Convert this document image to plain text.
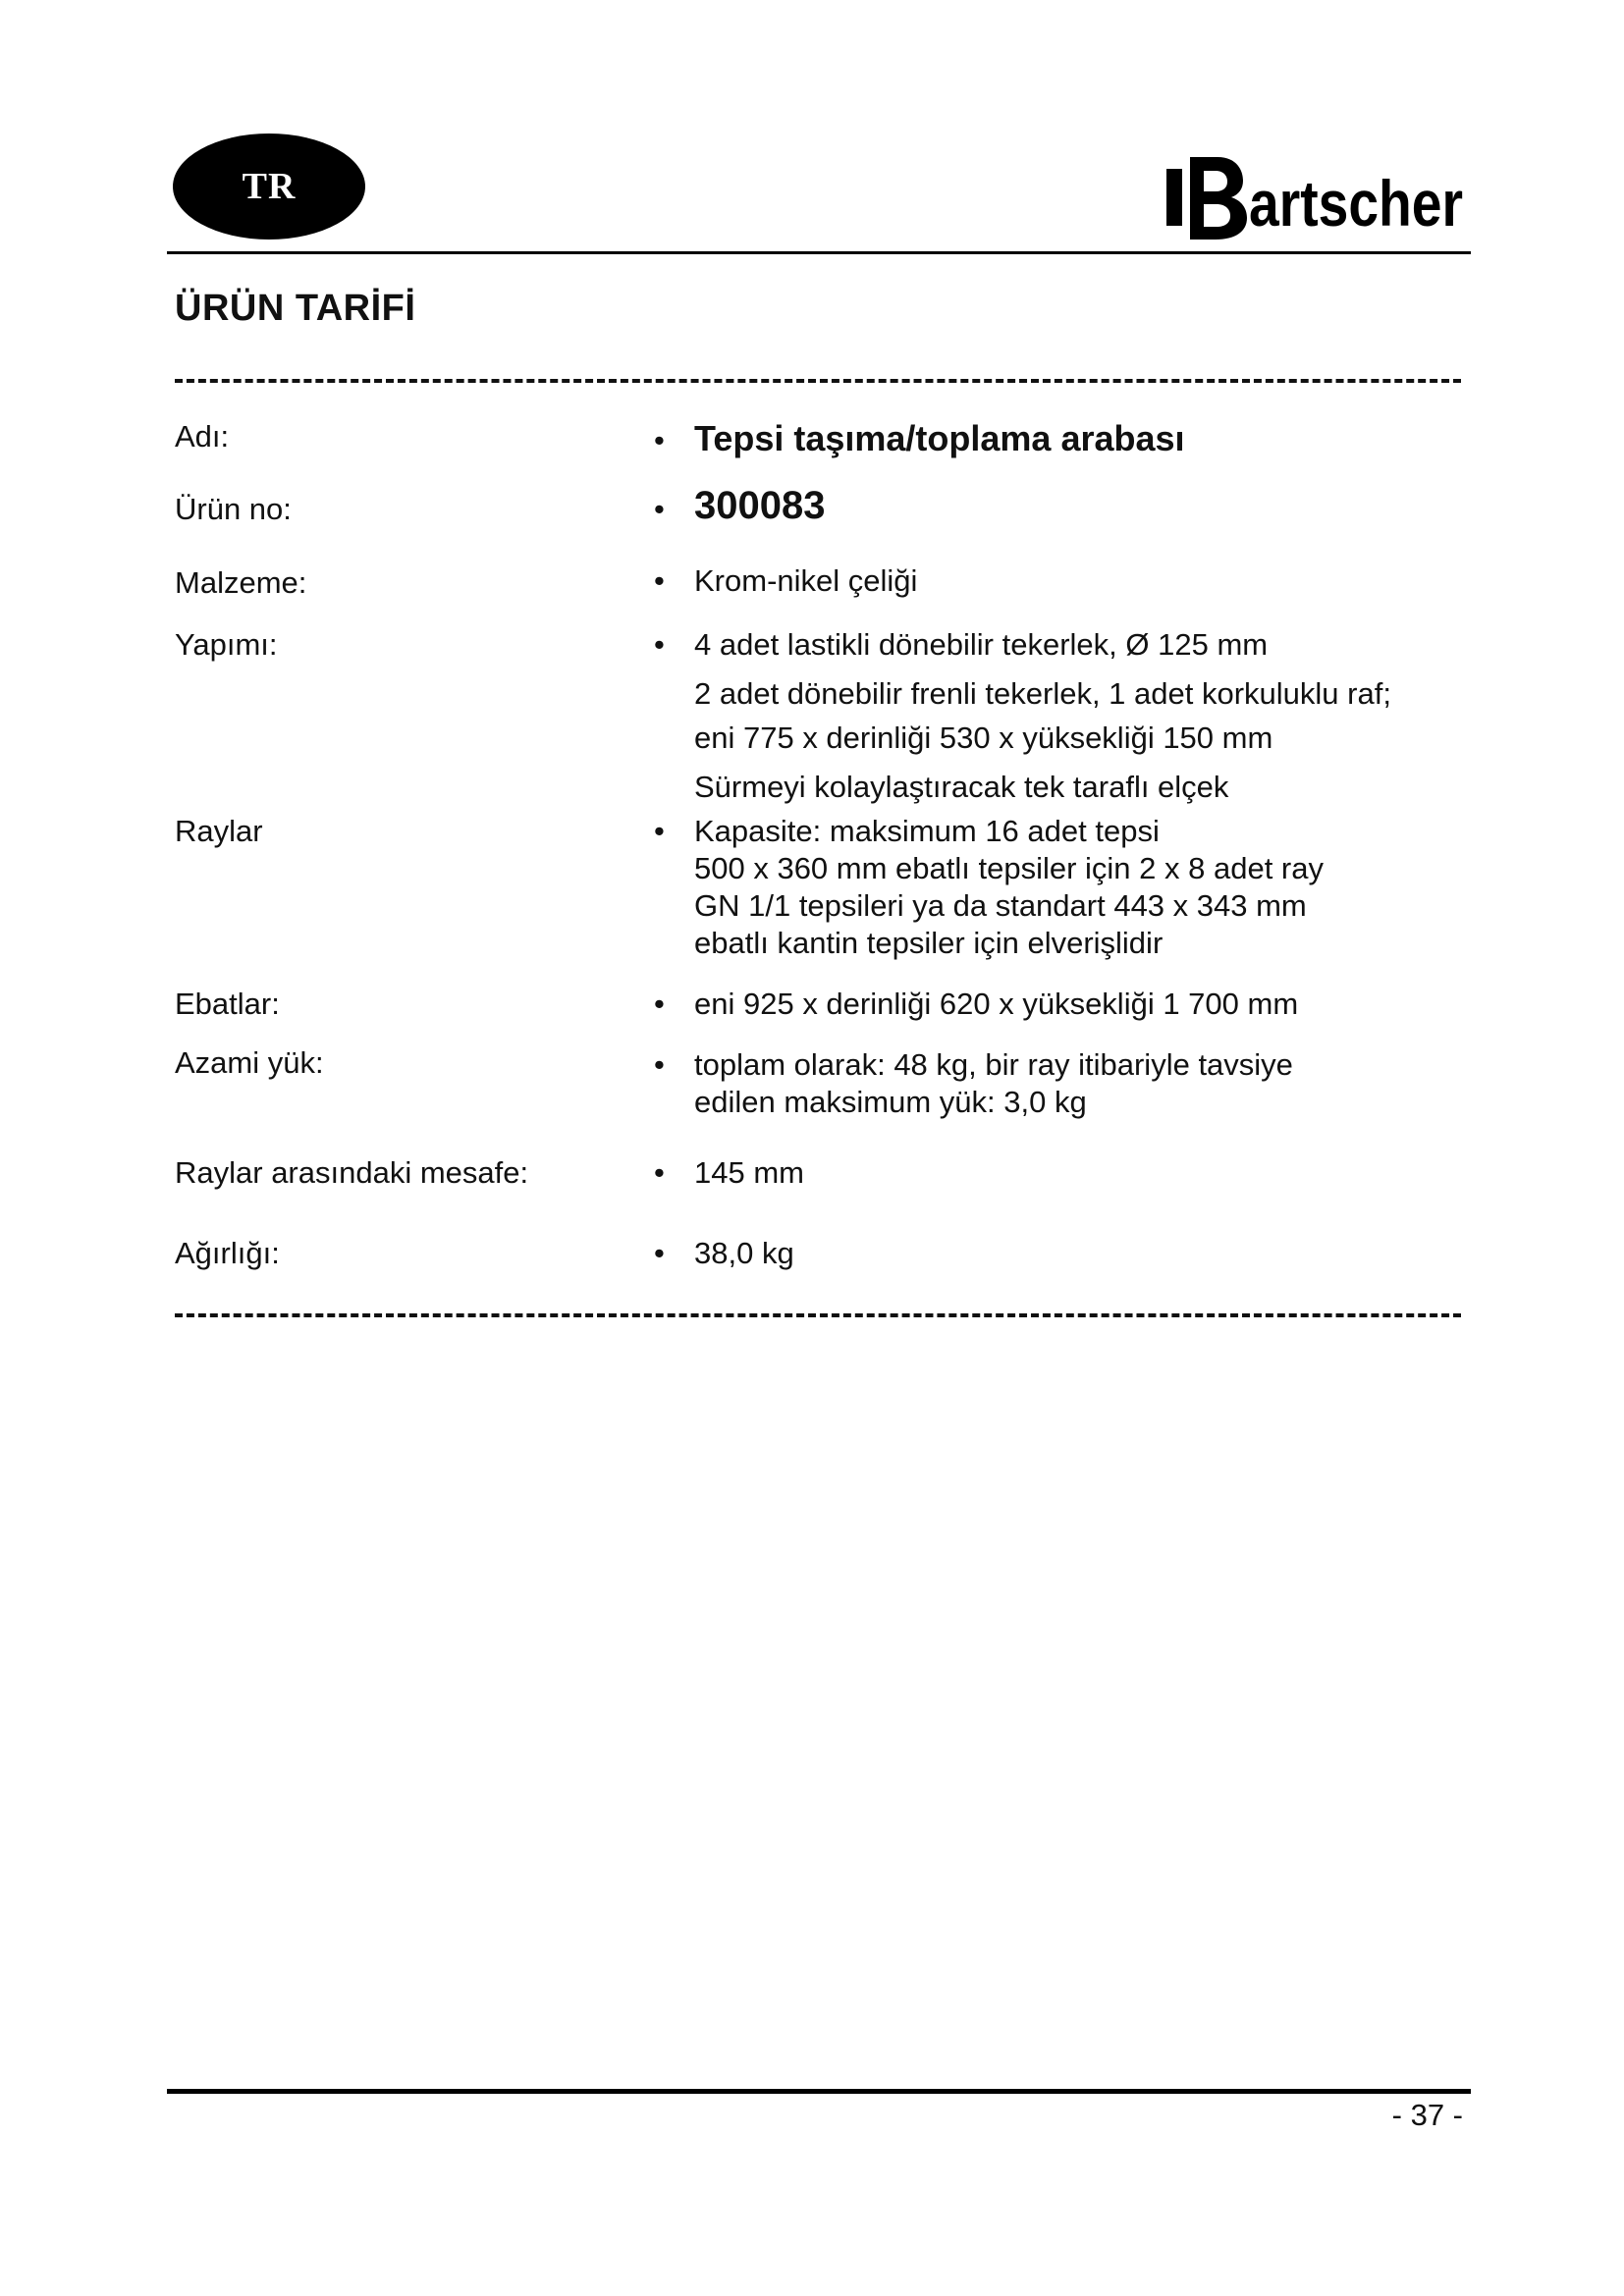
TR	artscher
ÜRÜN TARİFİ
Adı:	• Tepsi taşıma/toplama arabası
Ürün no:	• 300083
Malzeme:	• Krom-nikel çeliği
Yapımı:	• 4 adet lastikli dönebilir tekerlek, Ø 125 mm
2 adet dönebilir frenli tekerlek, 1 adet korkuluklu raf;
eni 775 x derinliği 530 x yüksekliği 150 mm
Sürmeyi kolaylaştıracak tek taraflı elçek
Raylar	• Kapasite: maksimum 16 adet tepsi
500 x 360 mm ebatlı tepsiler için 2 x 8 adet ray
GN 1/1 tepsileri ya da standart 443 x 343 mm
ebatlı kantin tepsiler için elverişlidir
Ebatlar:	• eni 925 x derinliği 620 x yüksekliği 1 700 mm
Azami yük:	• toplam olarak: 48 kg, bir ray itibariyle tavsiye
edilen maksimum yük: 3,0 kg
Raylar arasındaki mesafe:	• 145 mm
Ağırlığı:	• 38,0 kg
- 37 -
